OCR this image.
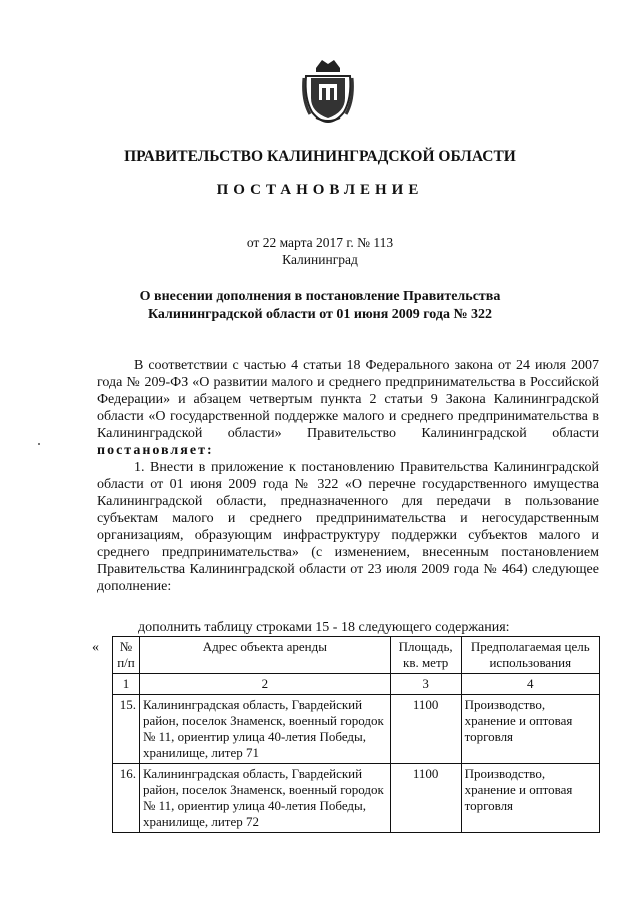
ПРАВИТЕЛЬСТВО КАЛИНИНГРАДСКОЙ ОБЛАСТИ
ПОСТАНОВЛЕНИЕ
от 22 марта 2017 г. № 113
Калининград
О внесении дополнения в постановление Правительства
Калининградской области от 01 июня 2009 года № 322

В соответствии с частью 4 статьи 18 Федерального закона от 24 июля 2007 года № 209-ФЗ «О развитии малого и среднего предпринимательства в Российской Федерации» и абзацем четвертым пункта 2 статьи 9 Закона Калининградской области «О государственной поддержке малого и среднего предпринимательства в Калининградской области» Правительство Калининградской области постановляет:

1. Внести в приложение к постановлению Правительства Калининградской области от 01 июня 2009 года № 322 «О перечне государственного имущества Калининградской области, предназначенного для передачи в пользование субъектам малого и среднего предпринимательства и негосударственным организациям, образующим инфраструктуру поддержки субъектов малого и среднего предпринимательства» (с изменением, внесенным постановлением Правительства Калининградской области от 23 июля 2009 года № 464) следующее дополнение:

дополнить таблицу строками 15 - 18 следующего содержания:
« № п/п	Адрес объекта аренды	Площадь, кв. метр	Предполагаемая цель использования
1	2	3	4
15.	Калининградская область, Гвардейский район, поселок Знаменск, военный городок № 11, ориентир улица 40-летия Победы, хранилище, литер 71	1100	Производство, хранение и оптовая торговля
16.	Калининградская область, Гвардейский район, поселок Знаменск, военный городок № 11, ориентир улица 40-летия Победы, хранилище, литер 72	1100	Производство, хранение и оптовая торговля
